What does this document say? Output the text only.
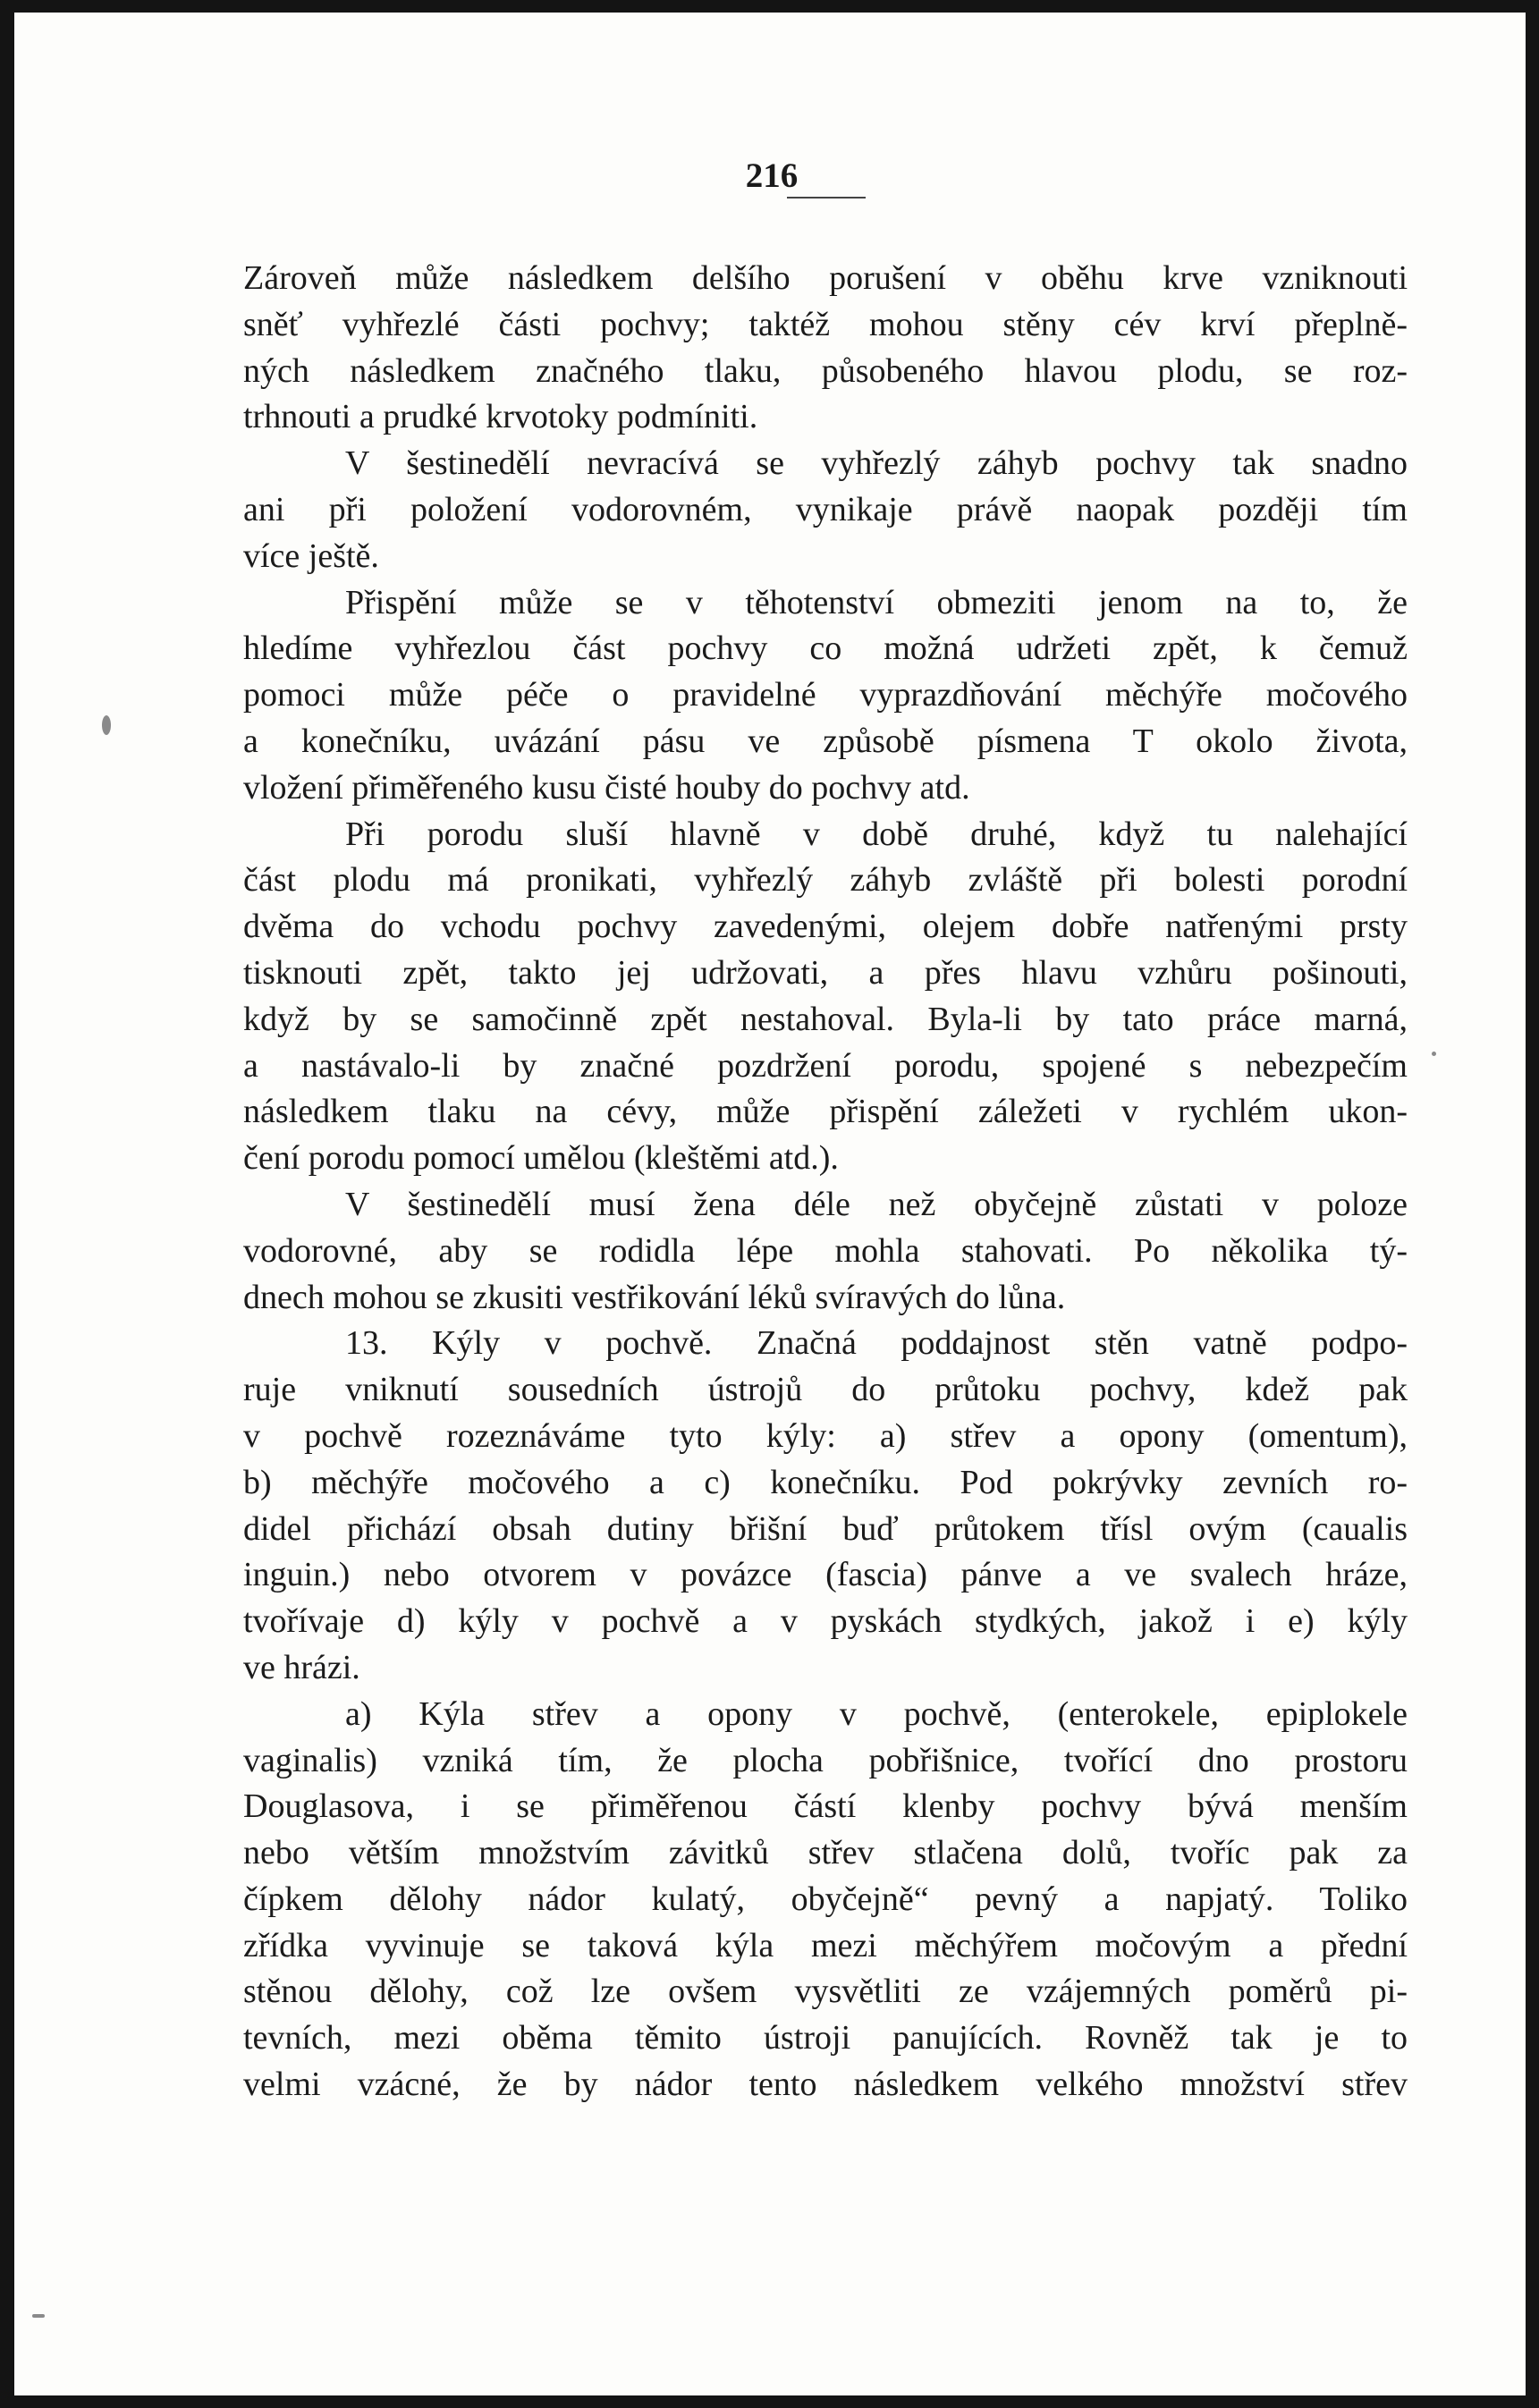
216
Zároveň může následkem delšího porušení v oběhu krve vzniknouti
sněť vyhřezlé části pochvy; taktéž mohou stěny cév krví přeplně-
ných následkem značného tlaku, působeného hlavou plodu, se roz-
trhnouti a prudké krvotoky podmíniti.
V šestinedělí nevracívá se vyhřezlý záhyb pochvy tak snadno
ani při položení vodorovném, vynikaje právě naopak později tím
více ještě.
Přispění může se v těhotenství obmeziti jenom na to, že
hledíme vyhřezlou část pochvy co možná udržeti zpět, k čemuž
pomoci může péče o pravidelné vyprazdňování měchýře močového
a konečníku, uvázání pásu ve způsobě písmena T okolo života,
vložení přiměřeného kusu čisté houby do pochvy atd.
Při porodu sluší hlavně v době druhé, když tu nalehající
část plodu má pronikati, vyhřezlý záhyb zvláště při bolesti porodní
dvěma do vchodu pochvy zavedenými, olejem dobře natřenými prsty
tisknouti zpět, takto jej udržovati, a přes hlavu vzhůru pošinouti,
když by se samočinně zpět nestahoval. Byla-li by tato práce marná,
a nastávalo-li by značné pozdržení porodu, spojené s nebezpečím
následkem tlaku na cévy, může přispění záležeti v rychlém ukon-
čení porodu pomocí umělou (kleštěmi atd.).
V šestinedělí musí žena déle než obyčejně zůstati v poloze
vodorovné, aby se rodidla lépe mohla stahovati. Po několika tý-
dnech mohou se zkusiti vestřikování léků svíravých do lůna.
13. Kýly v pochvě. Značná poddajnost stěn vatně podpo-
ruje vniknutí sousedních ústrojů do průtoku pochvy, kdež pak
v pochvě rozeznáváme tyto kýly: a) střev a opony (omentum),
b) měchýře močového a c) konečníku. Pod pokrývky zevních ro-
didel přichází obsah dutiny břišní buď průtokem třísl ovým (caualis
inguin.) nebo otvorem v povázce (fascia) pánve a ve svalech hráze,
tvořívaje d) kýly v pochvě a v pyskách stydkých, jakož i e) kýly
ve hrázi.
a) Kýla střev a opony v pochvě, (enterokele, epiplokele
vaginalis) vzniká tím, že plocha pobřišnice, tvořící dno prostoru
Douglasova, i se přiměřenou částí klenby pochvy bývá menším
nebo větším množstvím závitků střev stlačena dolů, tvoříc pak za
čípkem dělohy nádor kulatý, obyčejně“ pevný a napjatý. Toliko
zřídka vyvinuje se taková kýla mezi měchýřem močovým a přední
stěnou dělohy, což lze ovšem vysvětliti ze vzájemných poměrů pi-
tevních, mezi oběma těmito ústroji panujících. Rovněž tak je to
velmi vzácné, že by nádor tento následkem velkého množství střev
